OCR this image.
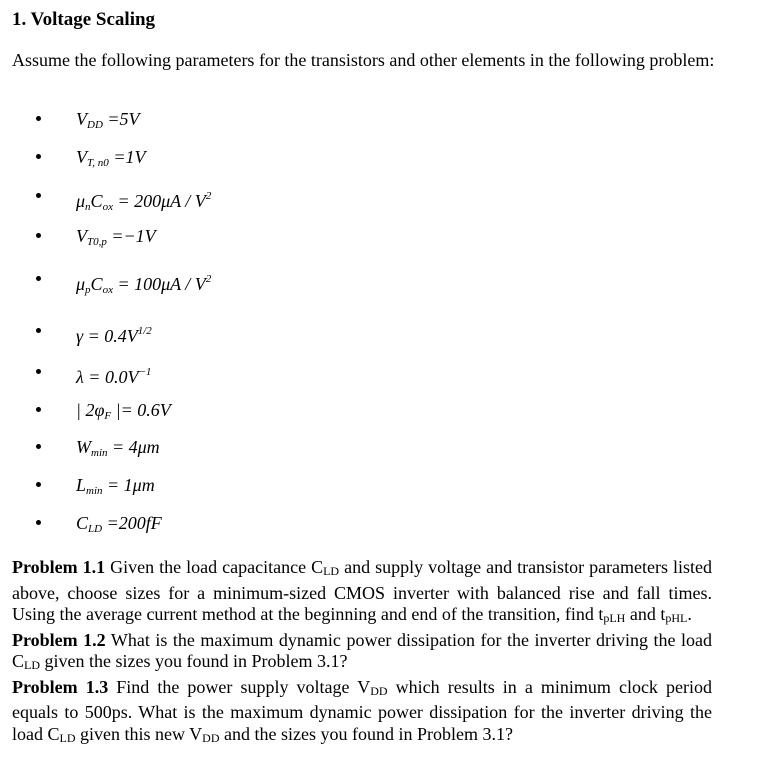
1. Voltage Scaling

Assume the following parameters for the transistors and other elements in the following problem:

$V_{DD} =5V$
$V_{T, n0} =1V$
$\mu_nC_{ox} = 200\mu A / V^2$
$V_{T0,p} =-1V$
$\mu_pC_{ox} = 100\mu A / V^2$
$\gamma = 0.4V^{1/2}$
$\lambda = 0.0V^{-1}$
| $2\varphi_F$ |= 0.6V
$W_{min} = 4\mu m$
$L_{min} = 1\mu m$
$C_{LD} =200fF$

Problem 1.1 Given the load capacitance $C_{LD}$ and supply voltage and transistor parameters listed above, choose sizes for a minimum-sized CMOS inverter with balanced rise and fall times. Using the average current method at the beginning and end of the transition, find $t_{pLH}$ and $t_{pHL}$.

Problem 1.2 What is the maximum dynamic power dissipation for the inverter driving the load $C_{LD}$ given the sizes you found in Problem 3.1?

Problem 1.3 Find the power supply voltage $V_{DD}$ which results in a minimum clock period equals to 500ps. What is the maximum dynamic power dissipation for the inverter driving the load $C_{LD}$ given this new $V_{DD}$ and the sizes you found in Problem 3.1?
